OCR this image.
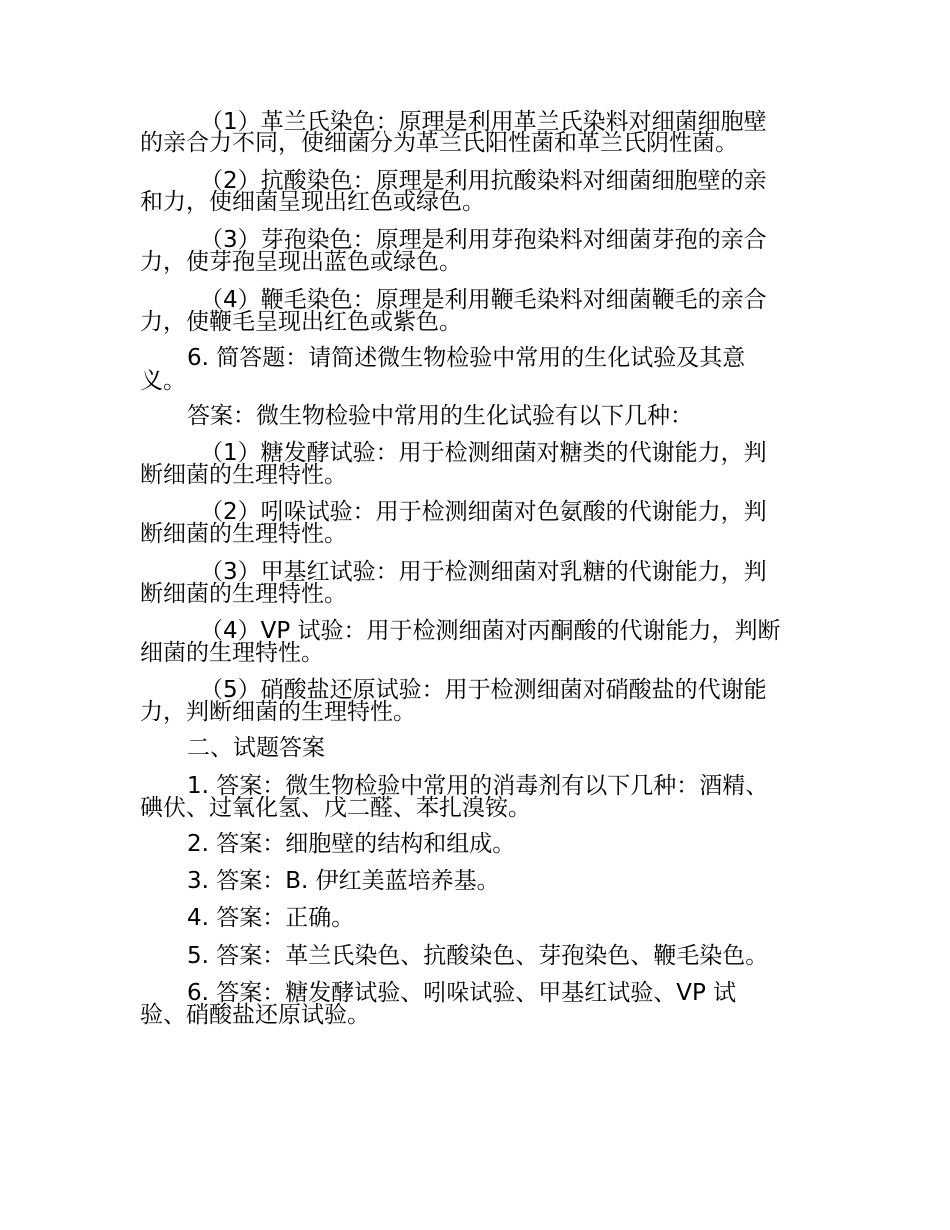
（1）革兰氏染色：原理是利用革兰氏染料对细菌细胞壁
的亲合力不同，使细菌分为革兰氏阳性菌和革兰氏阴性菌。
（2）抗酸染色：原理是利用抗酸染料对细菌细胞壁的亲
和力，使细菌呈现出红色或绿色。
（3）芽孢染色：原理是利用芽孢染料对细菌芽孢的亲合
力，使芽孢呈现出蓝色或绿色。
（4）鞭毛染色：原理是利用鞭毛染料对细菌鞭毛的亲合
力，使鞭毛呈现出红色或紫色。
6. 简答题：请简述微生物检验中常用的生化试验及其意
义。
答案：微生物检验中常用的生化试验有以下几种：
（1）糖发酵试验：用于检测细菌对糖类的代谢能力，判
断细菌的生理特性。
（2）吲哚试验：用于检测细菌对色氨酸的代谢能力，判
断细菌的生理特性。
（3）甲基红试验：用于检测细菌对乳糖的代谢能力，判
断细菌的生理特性。
（4）VP 试验：用于检测细菌对丙酮酸的代谢能力，判断
细菌的生理特性。
（5）硝酸盐还原试验：用于检测细菌对硝酸盐的代谢能
力，判断细菌的生理特性。
二、试题答案
1. 答案：微生物检验中常用的消毒剂有以下几种：酒精、
碘伏、过氧化氢、戊二醛、苯扎溴铵。
2. 答案：细胞壁的结构和组成。
3. 答案：B. 伊红美蓝培养基。
4. 答案：正确。
5. 答案：革兰氏染色、抗酸染色、芽孢染色、鞭毛染色。
6. 答案：糖发酵试验、吲哚试验、甲基红试验、VP 试
验、硝酸盐还原试验。
